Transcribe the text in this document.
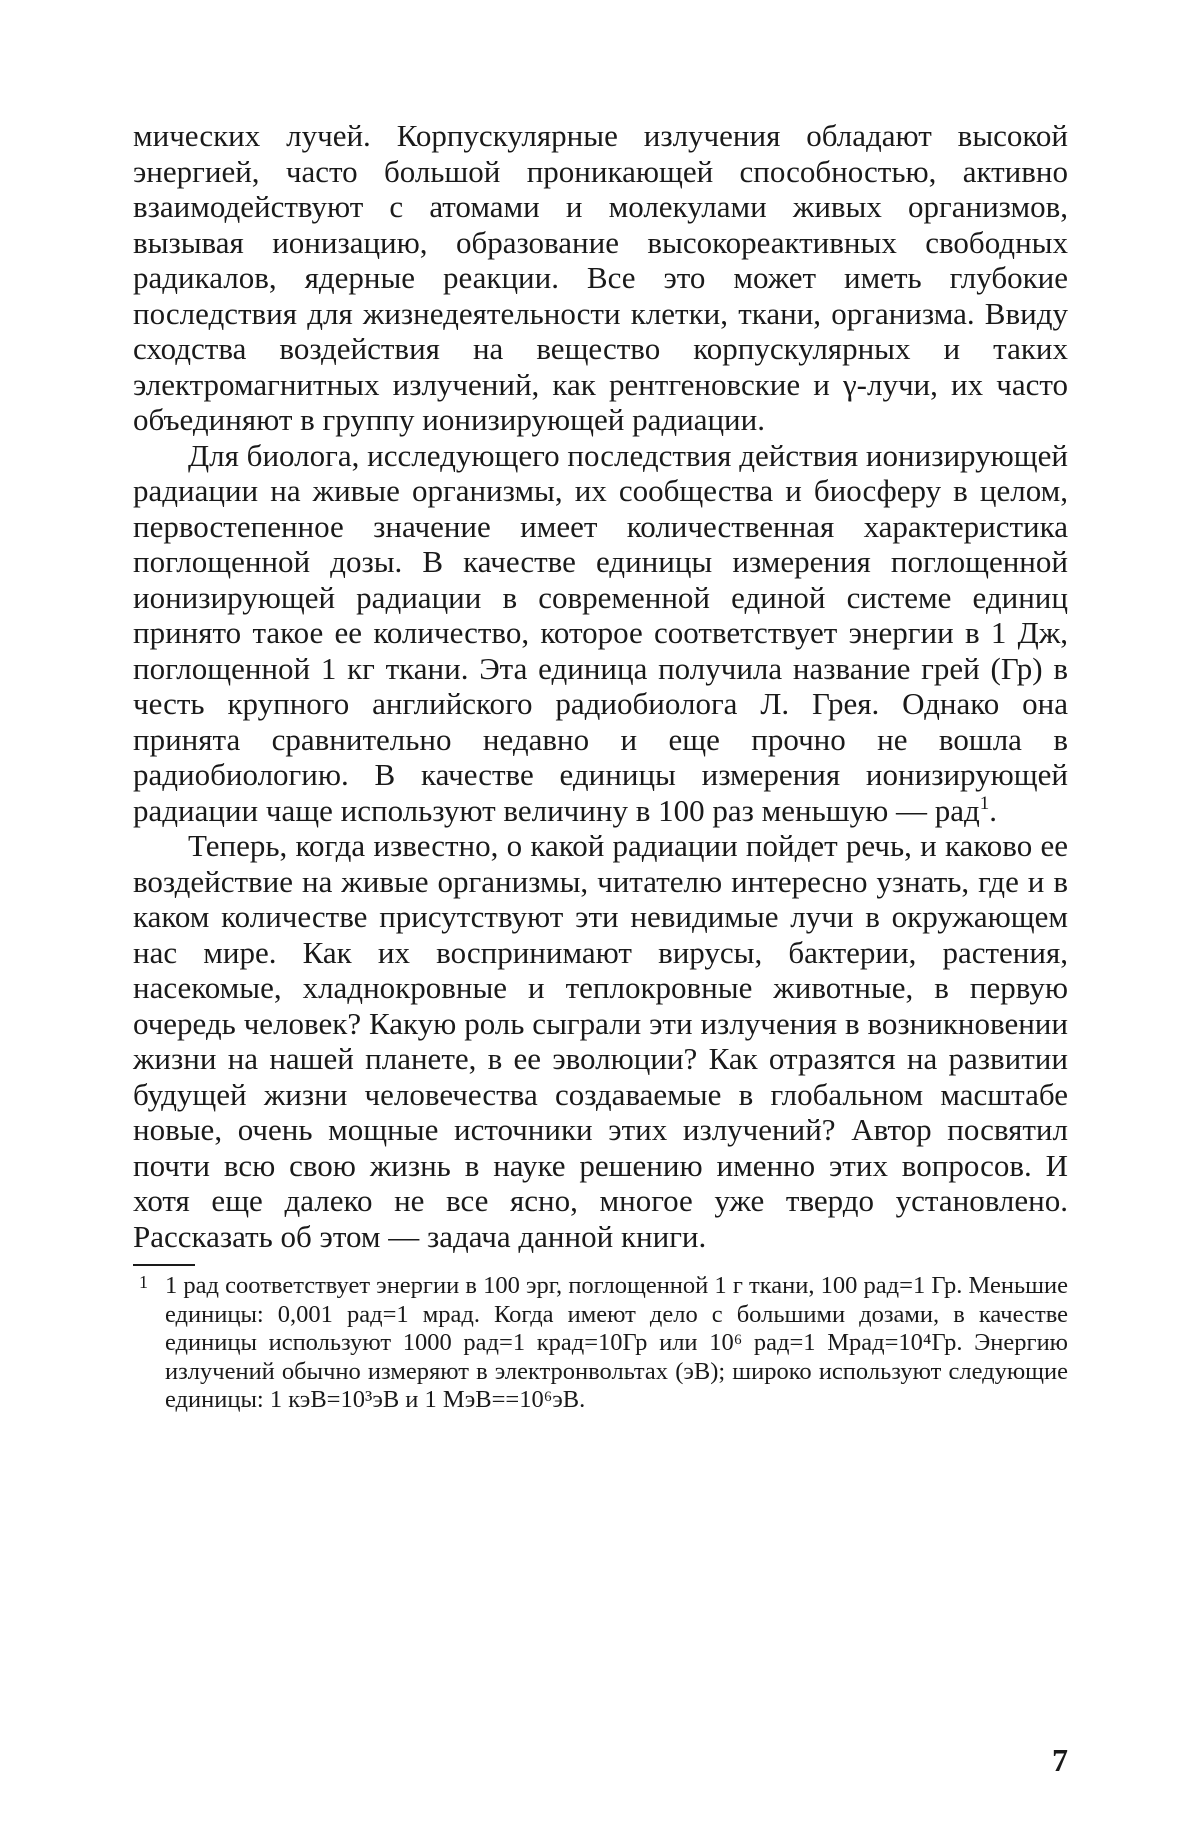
мических лучей. Корпускулярные излучения обладают высокой энергией, часто большой проникающей способностью, активно взаимодействуют с атомами и молекулами живых организмов, вызывая ионизацию, образование высокореактивных свободных радикалов, ядерные реакции. Все это может иметь глубокие последствия для жизнедеятельности клетки, ткани, организма. Ввиду сходства воздействия на вещество корпускулярных и таких электромагнитных излучений, как рентгеновские и γ-лучи, их часто объединяют в группу ионизирующей радиации.

Для биолога, исследующего последствия действия ионизирующей радиации на живые организмы, их сообщества и биосферу в целом, первостепенное значение имеет количественная характеристика поглощенной дозы. В качестве единицы измерения поглощенной ионизирующей радиации в современной единой системе единиц принято такое ее количество, которое соответствует энергии в 1 Дж, поглощенной 1 кг ткани. Эта единица получила название грей (Гр) в честь крупного английского радиобиолога Л. Грея. Однако она принята сравнительно недавно и еще прочно не вошла в радиобиологию. В качестве единицы измерения ионизирующей радиации чаще используют величину в 100 раз меньшую — рад1.

Теперь, когда известно, о какой радиации пойдет речь, и каково ее воздействие на живые организмы, читателю интересно узнать, где и в каком количестве присутствуют эти невидимые лучи в окружающем нас мире. Как их воспринимают вирусы, бактерии, растения, насекомые, хладнокровные и теплокровные животные, в первую очередь человек? Какую роль сыграли эти излучения в возникновении жизни на нашей планете, в ее эволюции? Как отразятся на развитии будущей жизни человечества создаваемые в глобальном масштабе новые, очень мощные источники этих излучений? Автор посвятил почти всю свою жизнь в науке решению именно этих вопросов. И хотя еще далеко не все ясно, многое уже твердо установлено. Рассказать об этом — задача данной книги.

1 1 рад соответствует энергии в 100 эрг, поглощенной 1 г ткани, 100 рад=1 Гр. Меньшие единицы: 0,001 рад=1 мрад. Когда имеют дело с большими дозами, в качестве единицы используют 1000 рад=1 крад=10Гр или 10⁶ рад=1 Мрад=10⁴Гр. Энергию излучений обычно измеряют в электронвольтах (эВ); широко используют следующие единицы: 1 кэВ=10³эВ и 1 МэВ==10⁶эВ.

7
